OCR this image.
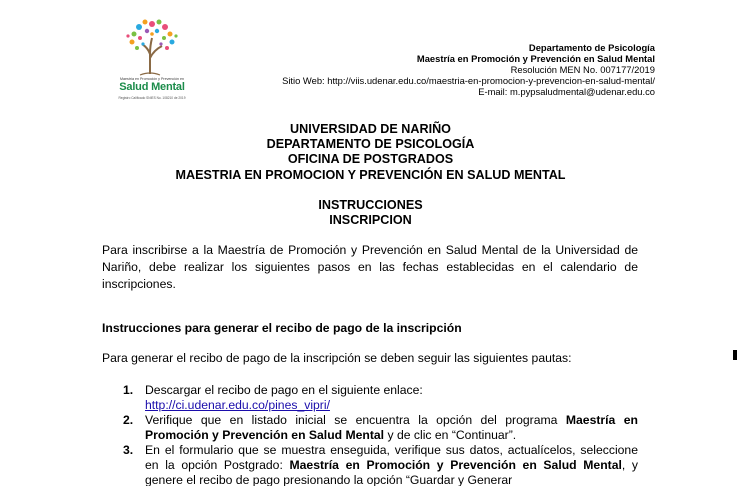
Maestría en Promoción y Prevención en
Salud Mental
Registro Calificado SNIES No. 108210 de 2019
Departamento de Psicología
Maestría en Promoción y Prevención en Salud Mental
Resolución MEN No. 007177/2019
Sitio Web: http://viis.udenar.edu.co/maestria-en-promocion-y-prevencion-en-salud-mental/
E-mail: m.pypsaludmental@udenar.edu.co
UNIVERSIDAD DE NARIÑO
DEPARTAMENTO DE PSICOLOGÍA
OFICINA DE POSTGRADOS
MAESTRIA EN PROMOCION Y PREVENCIÓN EN SALUD MENTAL
INSTRUCCIONES
INSCRIPCION
Para inscribirse a la Maestría de Promoción y Prevención en Salud Mental de la Universidad de Nariño, debe realizar los siguientes pasos en las fechas establecidas en el calendario de inscripciones.
Instrucciones para generar el recibo de pago de la inscripción
Para generar el recibo de pago de la inscripción se deben seguir las siguientes pautas:
1. Descargar el recibo de pago en el siguiente enlace:
http://ci.udenar.edu.co/pines_vipri/
2. Verifique que en listado inicial se encuentra la opción del programa Maestría en Promoción y Prevención en Salud Mental y de clic en “Continuar”.
3. En el formulario que se muestra enseguida, verifique sus datos, actualícelos, seleccione en la opción Postgrado: Maestría en Promoción y Prevención en Salud Mental, y genere el recibo de pago presionando la opción “Guardar y Generar
